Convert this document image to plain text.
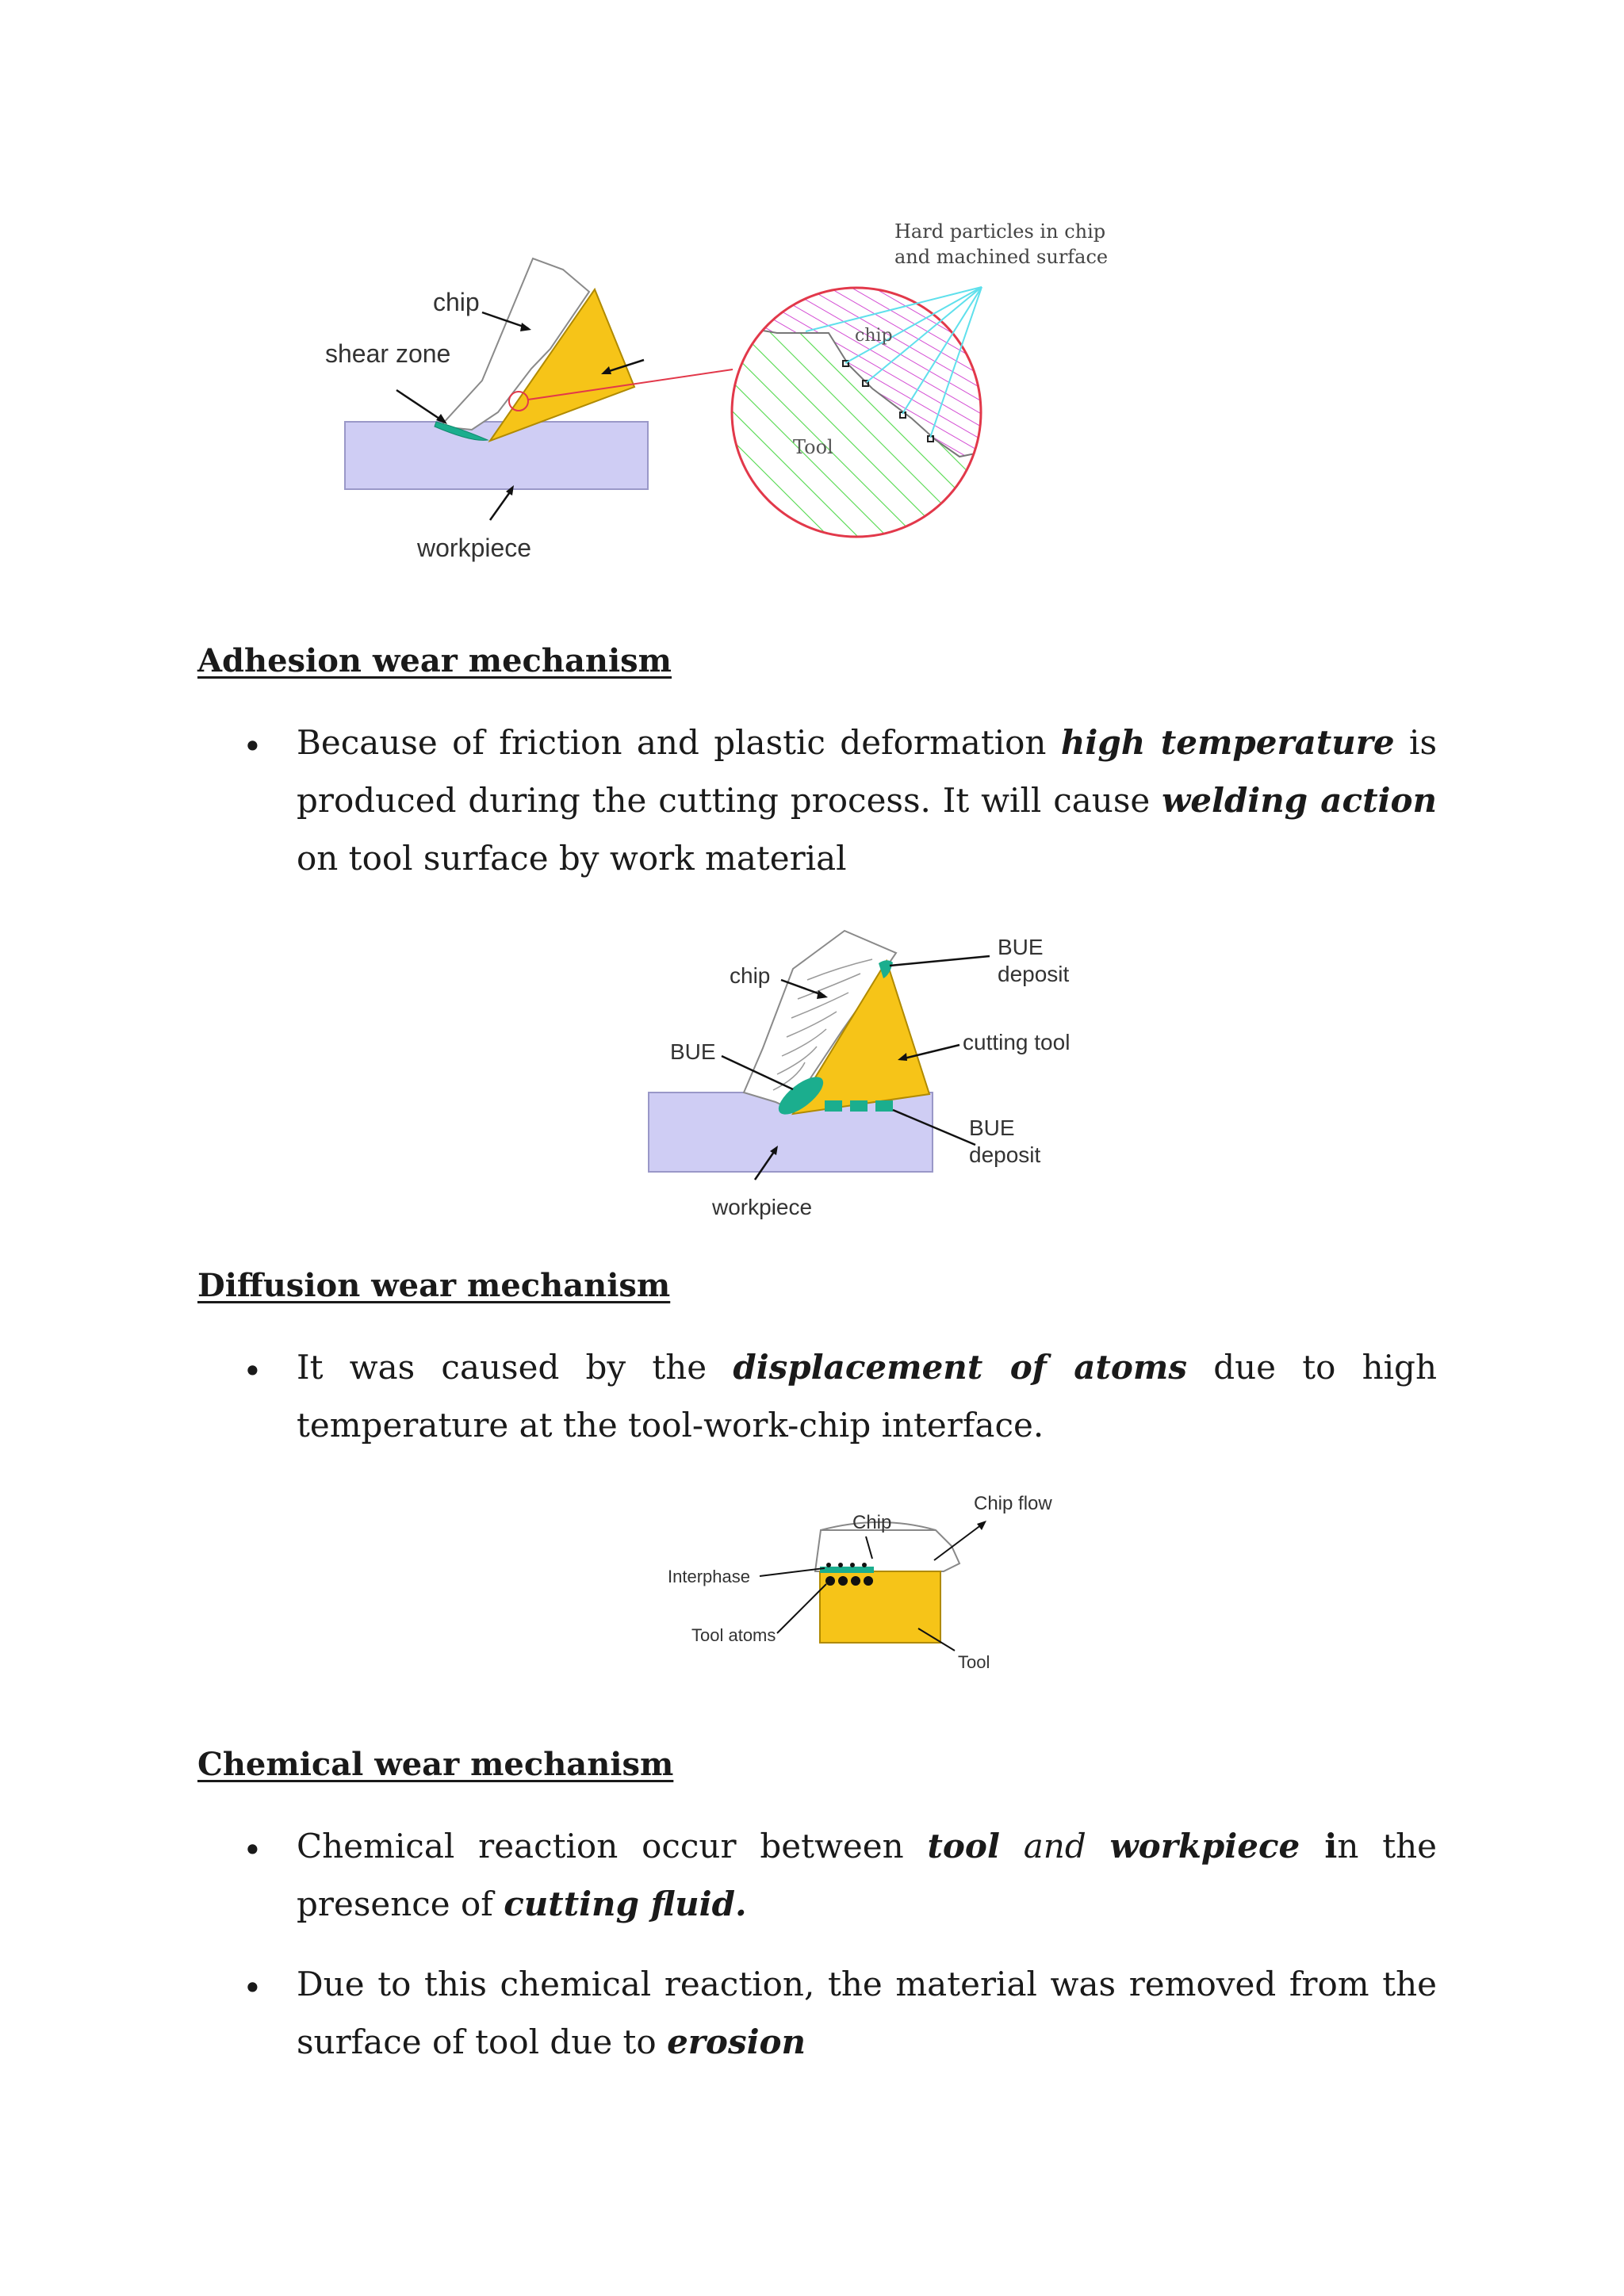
chip
shear zone
workpiece
chip
Tool
Hard particles in chip
and machined surface
Adhesion wear mechanism
• Because of friction and plastic deformation high temperature is produced during the cutting process. It will cause welding action on tool surface by work material

chip
BUE
BUE
deposit
cutting tool
BUE
deposit
workpiece
Diffusion wear mechanism
• It was caused by the displacement of atoms due to high temperature at the tool-work-chip interface.

Chip
Chip flow
Interphase
Tool atoms
Tool
Chemical wear mechanism
• Chemical reaction occur between tool and workpiece in the presence of cutting fluid.

• Due to this chemical reaction, the material was removed from the surface of tool due to erosion
